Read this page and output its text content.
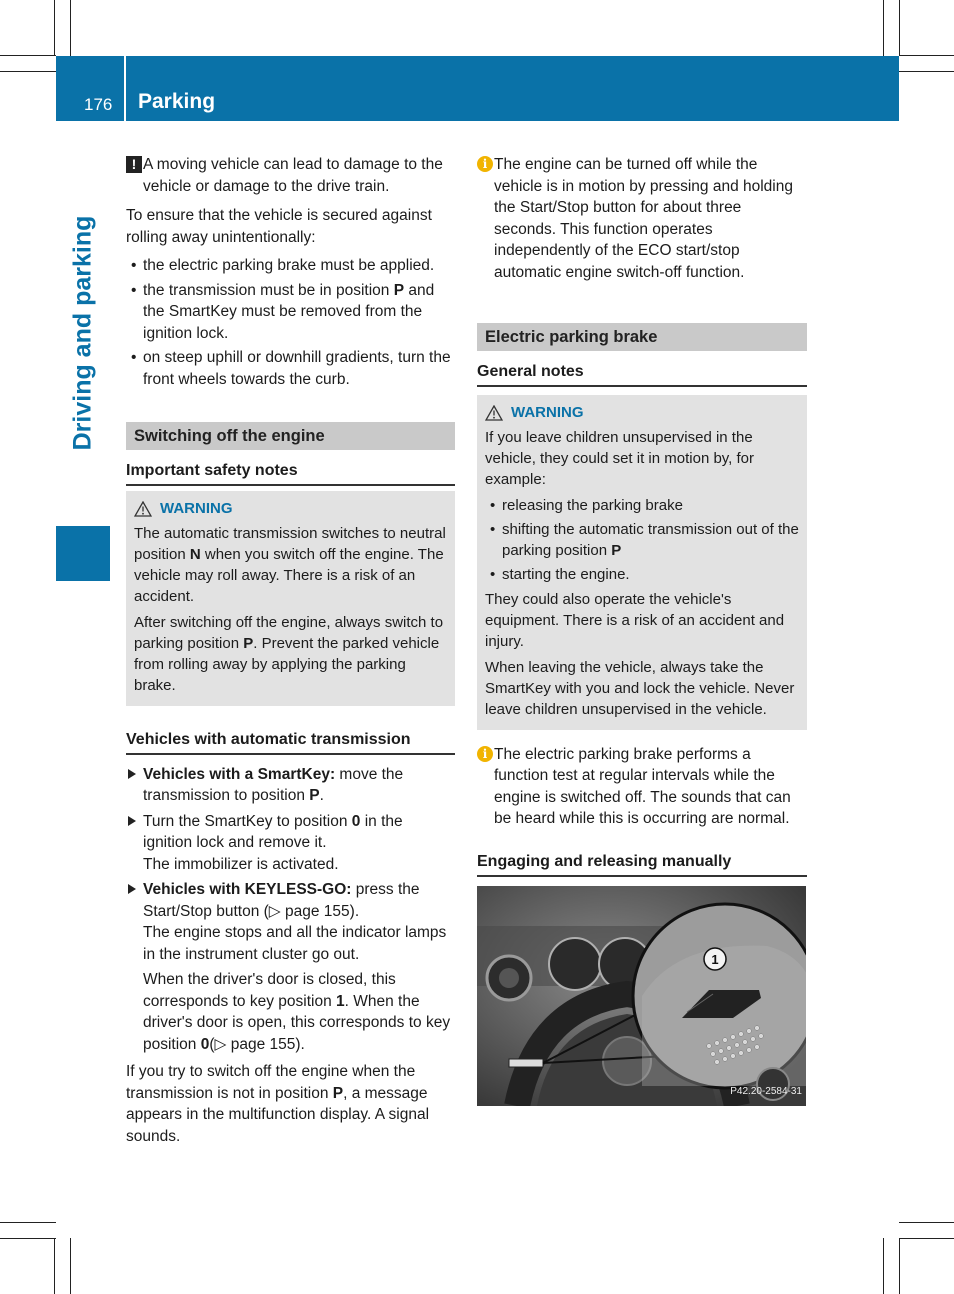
176 Parking
Driving and parking
! A moving vehicle can lead to damage to the vehicle or damage to the drive train.

To ensure that the vehicle is secured against rolling away unintentionally:

• the electric parking brake must be applied.
• the transmission must be in position P and the SmartKey must be removed from the ignition lock.
• on steep uphill or downhill gradients, turn the front wheels towards the curb.
Switching off the engine
Important safety notes
WARNING

The automatic transmission switches to neutral position N when you switch off the engine. The vehicle may roll away. There is a risk of an accident.

After switching off the engine, always switch to parking position P. Prevent the parked vehicle from rolling away by applying the parking brake.

Vehicles with automatic transmission
Vehicles with a SmartKey: move the transmission to position P.
Turn the SmartKey to position 0 in the ignition lock and remove it.
The immobilizer is activated.
Vehicles with KEYLESS-GO: press the Start/Stop button (▷ page 155).
The engine stops and all the indicator lamps in the instrument cluster go out.
When the driver's door is closed, this corresponds to key position 1. When the driver's door is open, this corresponds to key position 0(▷ page 155).

If you try to switch off the engine when the transmission is not in position P, a message appears in the multifunction display. A signal sounds.

i The engine can be turned off while the vehicle is in motion by pressing and holding the Start/Stop button for about three seconds. This function operates independently of the ECO start/stop automatic engine switch-off function.
Electric parking brake
General notes
WARNING

If you leave children unsupervised in the vehicle, they could set it in motion by, for example:

• releasing the parking brake
• shifting the automatic transmission out of the parking position P
• starting the engine.

They could also operate the vehicle's equipment. There is a risk of an accident and injury.

When leaving the vehicle, always take the SmartKey with you and lock the vehicle. Never leave children unsupervised in the vehicle.

i The electric parking brake performs a function test at regular intervals while the engine is switched off. The sounds that can be heard while this is occurring are normal.
Engaging and releasing manually
1
P42.20-2584-31
